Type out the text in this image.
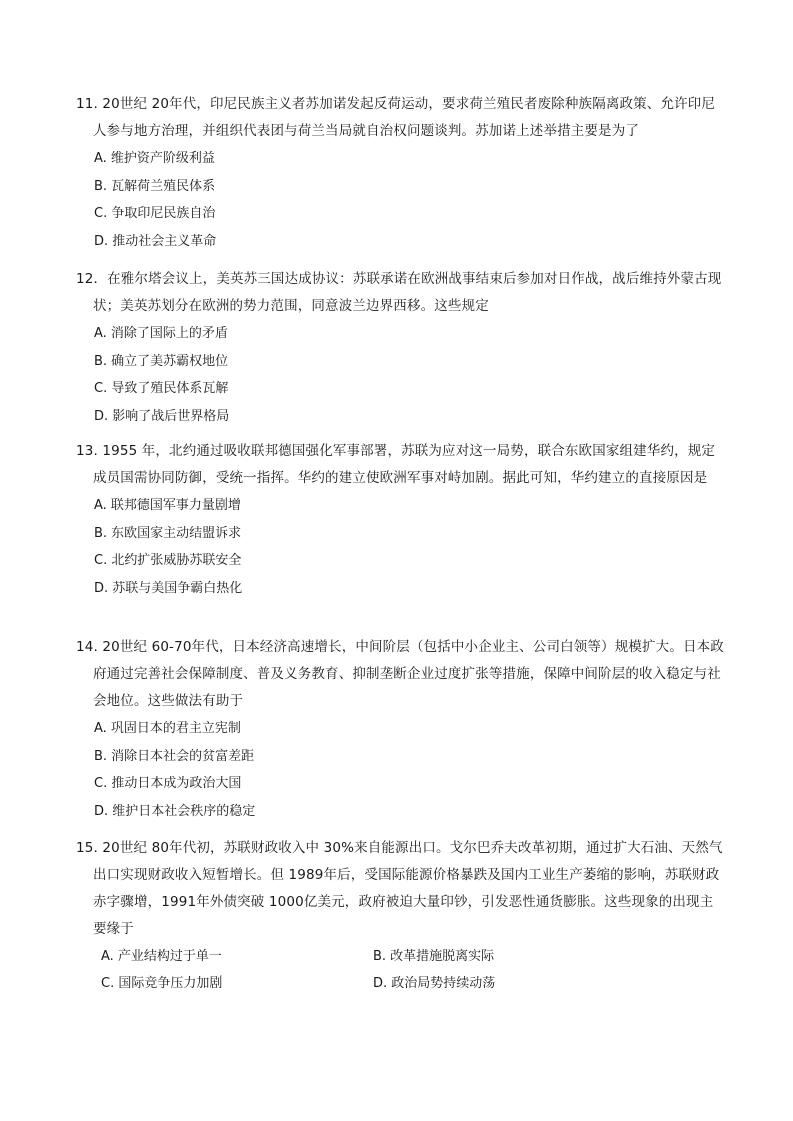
11. 20世纪 20年代，印尼民族主义者苏加诺发起反荷运动，要求荷兰殖民者废除种族隔离政策、允许印尼人参与地方治理，并组织代表团与荷兰当局就自治权问题谈判。苏加诺上述举措主要是为了

A. 维护资产阶级利益
B. 瓦解荷兰殖民体系
C. 争取印尼民族自治
D. 推动社会主义革命

12．在雅尔塔会议上，美英苏三国达成协议：苏联承诺在欧洲战事结束后参加对日作战，战后维持外蒙古现状；美英苏划分在欧洲的势力范围，同意波兰边界西移。这些规定

A. 消除了国际上的矛盾
B. 确立了美苏霸权地位
C. 导致了殖民体系瓦解
D. 影响了战后世界格局

13. 1955 年，北约通过吸收联邦德国强化军事部署，苏联为应对这一局势，联合东欧国家组建华约，规定成员国需协同防御，受统一指挥。华约的建立使欧洲军事对峙加剧。据此可知，华约建立的直接原因是

A. 联邦德国军事力量剧增
B. 东欧国家主动结盟诉求
C. 北约扩张威胁苏联安全
D. 苏联与美国争霸白热化

14. 20世纪 60-70年代，日本经济高速增长，中间阶层（包括中小企业主、公司白领等）规模扩大。日本政府通过完善社会保障制度、普及义务教育、抑制垄断企业过度扩张等措施，保障中间阶层的收入稳定与社会地位。这些做法有助于

A. 巩固日本的君主立宪制
B. 消除日本社会的贫富差距
C. 推动日本成为政治大国
D. 维护日本社会秩序的稳定

15. 20世纪 80年代初，苏联财政收入中 30%来自能源出口。戈尔巴乔夫改革初期，通过扩大石油、天然气出口实现财政收入短暂增长。但 1989年后，受国际能源价格暴跌及国内工业生产萎缩的影响，苏联财政赤字骤增，1991年外债突破 1000亿美元，政府被迫大量印钞，引发恶性通货膨胀。这些现象的出现主要缘于

A. 产业结构过于单一	B. 改革措施脱离实际
C. 国际竞争压力加剧	D. 政治局势持续动荡
